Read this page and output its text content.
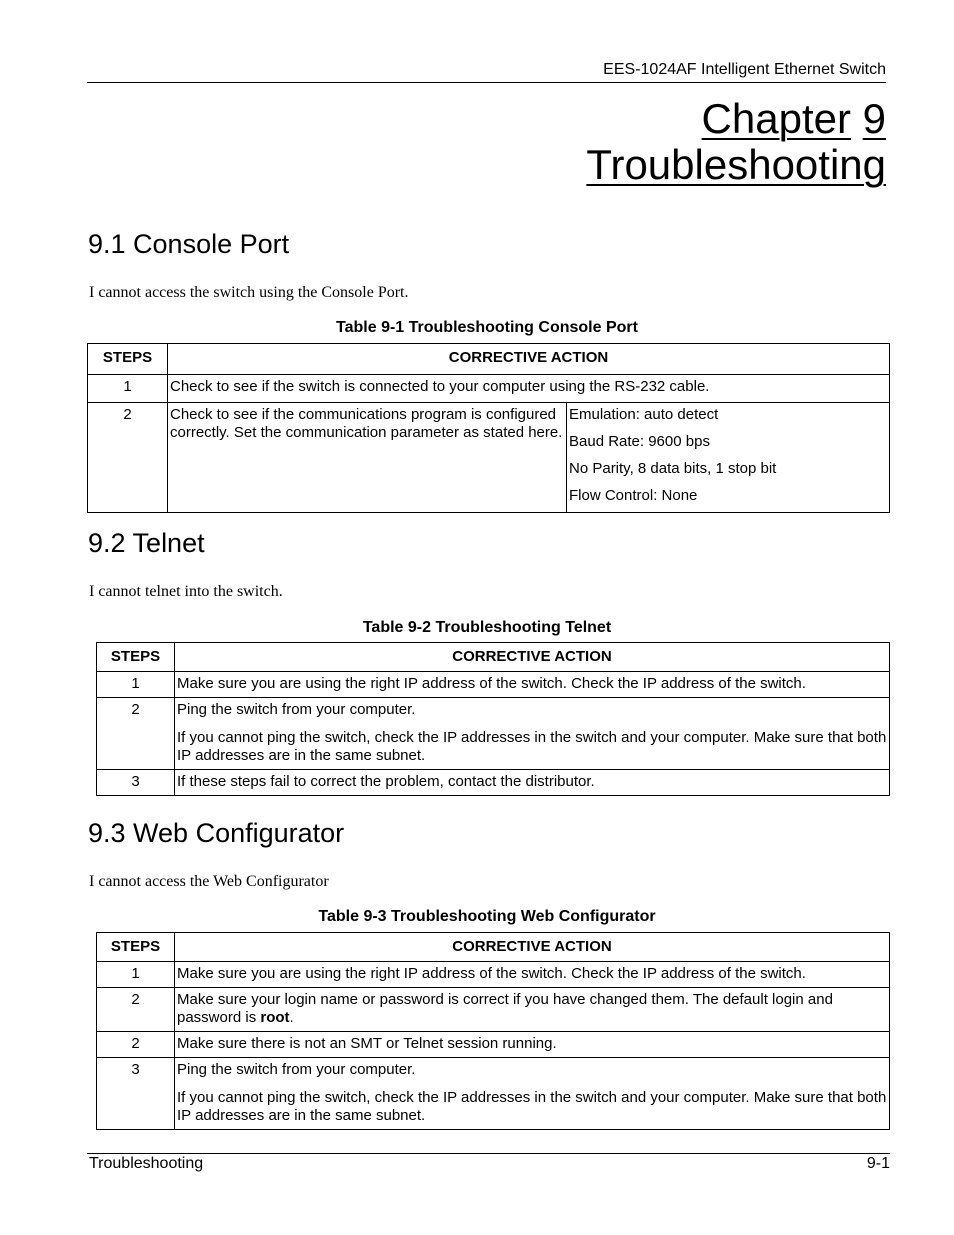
EES-1024AF Intelligent Ethernet Switch
Chapter 9
Troubleshooting
9.1 Console Port
I cannot access the switch using the Console Port.
Table 9-1 Troubleshooting Console Port
STEPS	CORRECTIVE ACTION	
1	Check to see if the switch is connected to your computer using the RS-232 cable.	
2	Check to see if the communications program is configured correctly. Set the communication parameter as stated here.	Emulation: auto detect

Baud Rate: 9600 bps

No Parity, 8 data bits, 1 stop bit

Flow Control: None

9.2 Telnet
I cannot telnet into the switch.
Table 9-2 Troubleshooting Telnet
STEPS	CORRECTIVE ACTION
1	Make sure you are using the right IP address of the switch. Check the IP address of the switch.
2	Ping the switch from your computer.

If you cannot ping the switch, check the IP addresses in the switch and your computer. Make sure that both IP addresses are in the same subnet.

3	If these steps fail to correct the problem, contact the distributor.
9.3 Web Configurator
I cannot access the Web Configurator
Table 9-3 Troubleshooting Web Configurator
STEPS	CORRECTIVE ACTION
1	Make sure you are using the right IP address of the switch. Check the IP address of the switch.
2	Make sure your login name or password is correct if you have changed them. The default login and password is root.
2	Make sure there is not an SMT or Telnet session running.
3	Ping the switch from your computer.

If you cannot ping the switch, check the IP addresses in the switch and your computer. Make sure that both IP addresses are in the same subnet.

Troubleshooting	9-1
